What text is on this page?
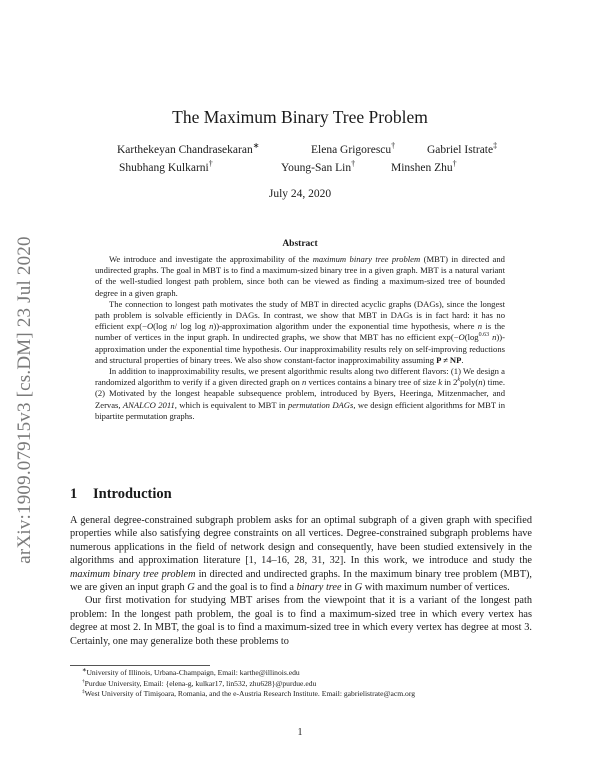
arXiv:1909.07915v3 [cs.DM] 23 Jul 2020
The Maximum Binary Tree Problem
Karthekeyan Chandrasekaran∗	Elena Grigorescu†	Gabriel Istrate‡
Shubhang Kulkarni†	Young-San Lin†	Minshen Zhu†
July 24, 2020
Abstract

We introduce and investigate the approximability of the maximum binary tree problem (MBT) in directed and undirected graphs. The goal in MBT is to find a maximum-sized binary tree in a given graph. MBT is a natural variant of the well-studied longest path problem, since both can be viewed as finding a maximum-sized tree of bounded degree in a given graph.

The connection to longest path motivates the study of MBT in directed acyclic graphs (DAGs), since the longest path problem is solvable efficiently in DAGs. In contrast, we show that MBT in DAGs is in fact hard: it has no efficient exp(−O(log n/ log log n))-approximation algorithm under the exponential time hypothesis, where n is the number of vertices in the input graph. In undirected graphs, we show that MBT has no efficient $\exp(-O(\log^{0.63}$ n))-approximation under the exponential time hypothesis. Our inapproximability results rely on self-improving reductions and structural properties of binary trees. We also show constant-factor inapproximability assuming P ≠ NP.

In addition to inapproximability results, we present algorithmic results along two different flavors: (1) We design a randomized algorithm to verify if a given directed graph on n vertices contains a binary tree of size k in 2$^k$poly(n) time. (2) Motivated by the longest heapable subsequence problem, introduced by Byers, Heeringa, Mitzenmacher, and Zervas, ANALCO 2011, which is equivalent to MBT in permutation DAGs, we design efficient algorithms for MBT in bipartite permutation graphs.

1 Introduction

A general degree-constrained subgraph problem asks for an optimal subgraph of a given graph with specified properties while also satisfying degree constraints on all vertices. Degree-constrained subgraph problems have numerous applications in the field of network design and consequently, have been studied extensively in the algorithms and approximation literature [1, 14–16, 28, 31, 32]. In this work, we introduce and study the maximum binary tree problem in directed and undirected graphs. In the maximum binary tree problem (MBT), we are given an input graph G and the goal is to find a binary tree in G with maximum number of vertices.

Our first motivation for studying MBT arises from the viewpoint that it is a variant of the longest path problem: In the longest path problem, the goal is to find a maximum-sized tree in which every vertex has degree at most 2. In MBT, the goal is to find a maximum-sized tree in which every vertex has degree at most 3. Certainly, one may generalize both these problems to

∗University of Illinois, Urbana-Champaign, Email: karthe@illinois.edu
†Purdue University, Email: {elena-g, kulkar17, lin532, zhu628}@purdue.edu
‡West University of Timişoara, Romania, and the e-Austria Research Institute. Email: gabrielistrate@acm.org
1
